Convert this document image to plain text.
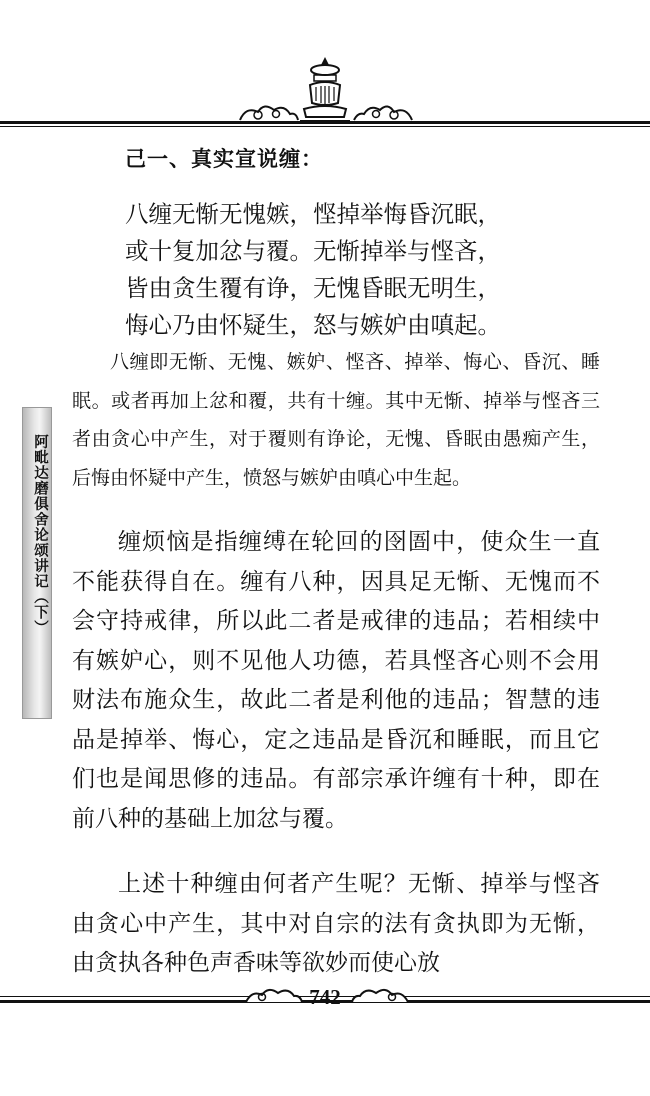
阿毗达磨俱舍论颂讲记（下）
己一、真实宣说缠：
八缠无惭无愧嫉，悭掉举悔昏沉眠，
或十复加忿与覆。无惭掉举与悭吝，
皆由贪生覆有诤，无愧昏眠无明生，
悔心乃由怀疑生，怒与嫉妒由嗔起。

八缠即无惭、无愧、嫉妒、悭吝、掉举、悔心、昏沉、睡眠。或者再加上忿和覆，共有十缠。其中无惭、掉举与悭吝三者由贪心中产生，对于覆则有诤论，无愧、昏眠由愚痴产生，后悔由怀疑中产生，愤怒与嫉妒由嗔心中生起。

缠烦恼是指缠缚在轮回的囹圄中，使众生一直不能获得自在。缠有八种，因具足无惭、无愧而不会守持戒律，所以此二者是戒律的违品；若相续中有嫉妒心，则不见他人功德，若具悭吝心则不会用财法布施众生，故此二者是利他的违品；智慧的违品是掉举、悔心，定之违品是昏沉和睡眠，而且它们也是闻思修的违品。有部宗承许缠有十种，即在前八种的基础上加忿与覆。

上述十种缠由何者产生呢？无惭、掉举与悭吝由贪心中产生，其中对自宗的法有贪执即为无惭，由贪执各种色声香味等欲妙而使心放

742
